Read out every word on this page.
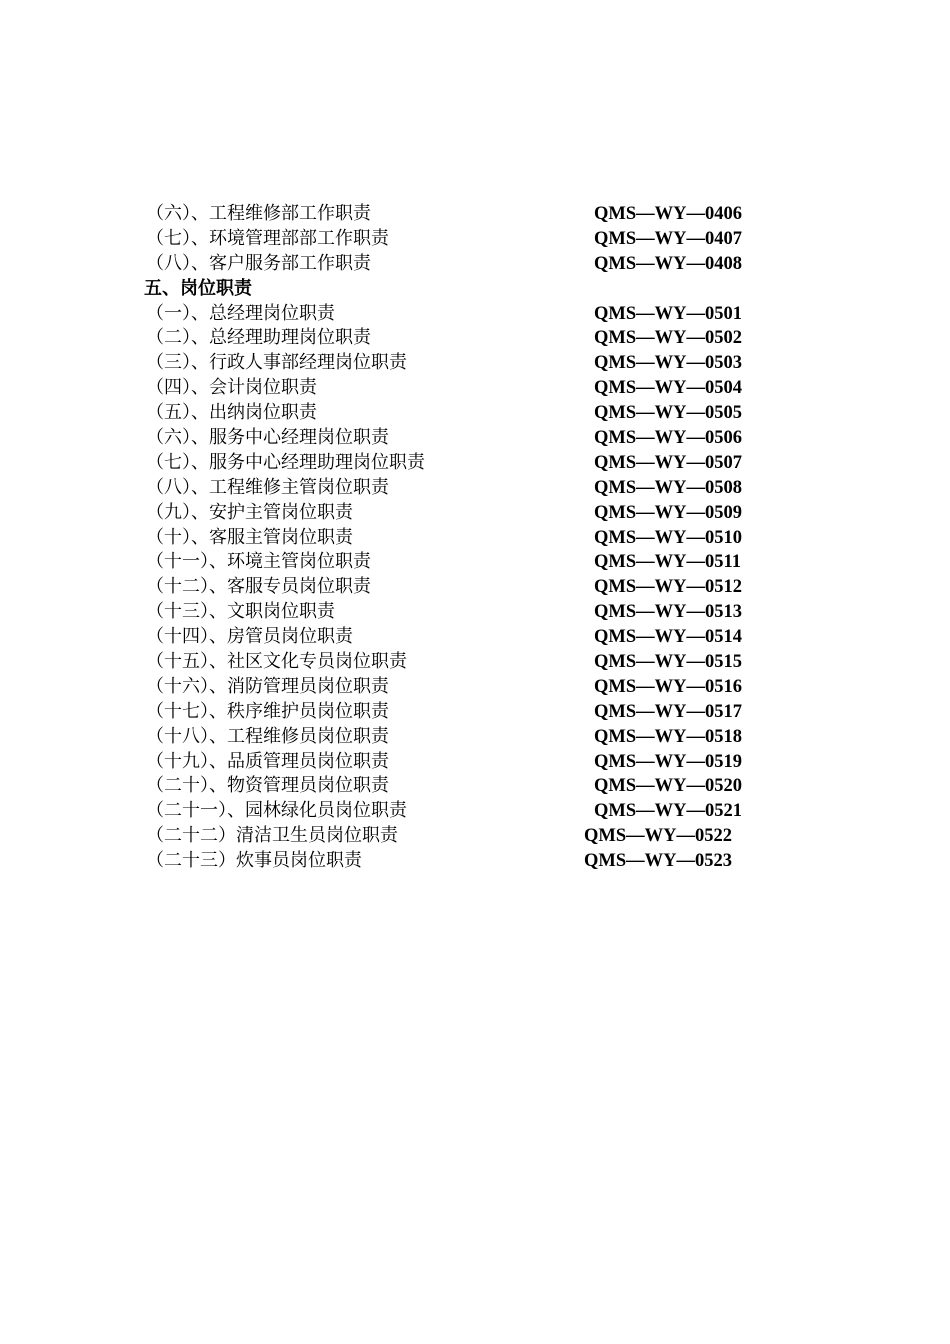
（六）、工程维修部工作职责	QMS—WY—0406
（七）、环境管理部部工作职责	QMS—WY—0407
（八）、客户服务部工作职责	QMS—WY—0408
五、岗位职责
（一）、总经理岗位职责	QMS—WY—0501
（二）、总经理助理岗位职责	QMS—WY—0502
（三）、行政人事部经理岗位职责	QMS—WY—0503
（四）、会计岗位职责	QMS—WY—0504
（五）、出纳岗位职责	QMS—WY—0505
（六）、服务中心经理岗位职责	QMS—WY—0506
（七）、服务中心经理助理岗位职责	QMS—WY—0507
（八）、工程维修主管岗位职责	QMS—WY—0508
（九）、安护主管岗位职责	QMS—WY—0509
（十）、客服主管岗位职责	QMS—WY—0510
（十一）、环境主管岗位职责	QMS—WY—0511
（十二）、客服专员岗位职责	QMS—WY—0512
（十三）、文职岗位职责	QMS—WY—0513
（十四）、房管员岗位职责	QMS—WY—0514
（十五）、社区文化专员岗位职责	QMS—WY—0515
（十六）、消防管理员岗位职责	QMS—WY—0516
（十七）、秩序维护员岗位职责	QMS—WY—0517
（十八）、工程维修员岗位职责	QMS—WY—0518
（十九）、品质管理员岗位职责	QMS—WY—0519
（二十）、物资管理员岗位职责	QMS—WY—0520
（二十一）、园林绿化员岗位职责	QMS—WY—0521
（二十二）清洁卫生员岗位职责	QMS—WY—0522
（二十三）炊事员岗位职责	QMS—WY—0523
